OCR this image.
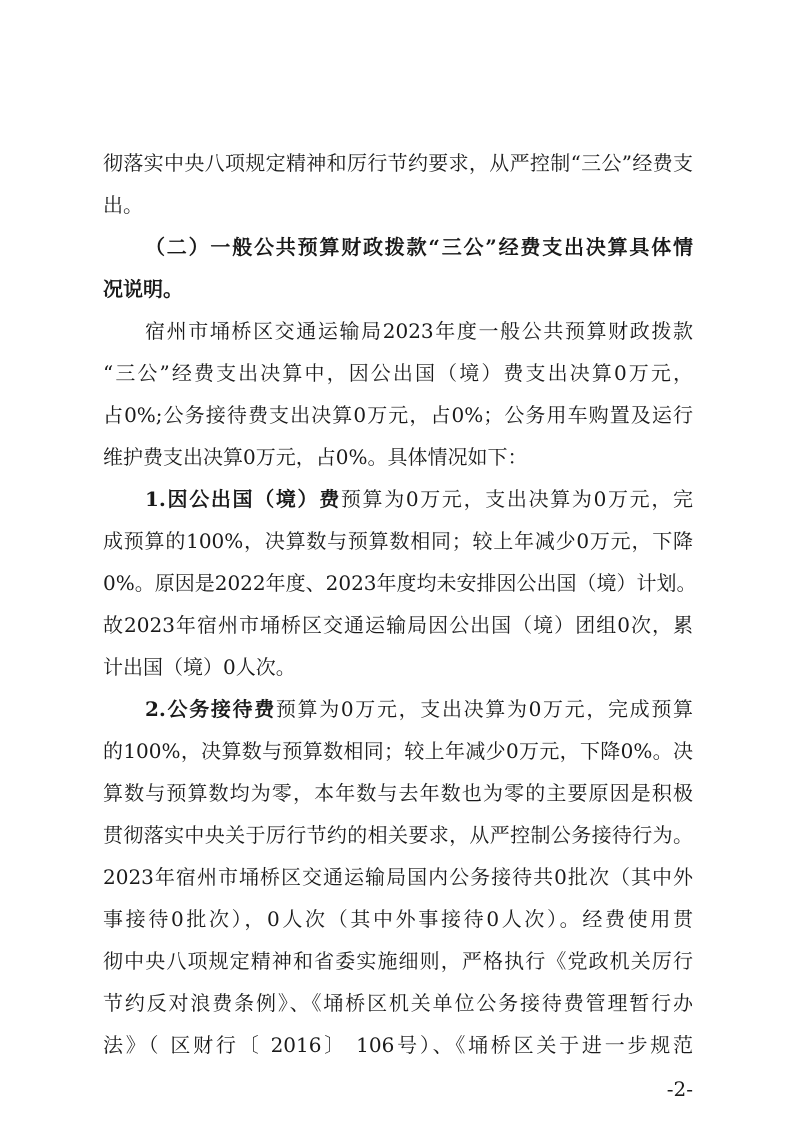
彻落实中央八项规定精神和厉行节约要求，从严控制“三公”经费支
出。
（二）一般公共预算财政拨款“三公”经费支出决算具体情
况说明。
宿州市埇桥区交通运输局2023年度一般公共预算财政拨款
“三公”经费支出决算中，因公出国（境）费支出决算0万元，
占0%;公务接待费支出决算0万元，占0%；公务用车购置及运行
维护费支出决算0万元，占0%。具体情况如下：
1.因公出国（境）费预算为0万元，支出决算为0万元，完
成预算的100%，决算数与预算数相同；较上年减少0万元，下降
0%。原因是2022年度、2023年度均未安排因公出国（境）计划。
故2023年宿州市埇桥区交通运输局因公出国（境）团组0次，累
计出国（境）0人次。
2.公务接待费预算为0万元，支出决算为0万元，完成预算
的100%，决算数与预算数相同；较上年减少0万元，下降0%。决
算数与预算数均为零，本年数与去年数也为零的主要原因是积极
贯彻落实中央关于厉行节约的相关要求，从严控制公务接待行为。
2023年宿州市埇桥区交通运输局国内公务接待共0批次（其中外
事接待0批次），0人次（其中外事接待0人次）。经费使用贯
彻中央八项规定精神和省委实施细则，严格执行《党政机关厉行
节约反对浪费条例》、《埇桥区机关单位公务接待费管理暂行办
法》（ 区财行〔 2016〕 106号）、《埇桥区关于进一步规范
-2-
